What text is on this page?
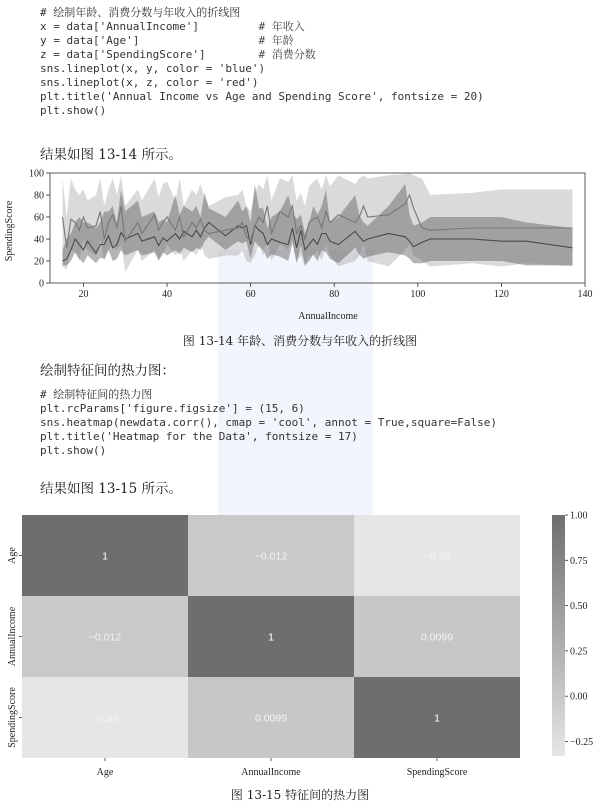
# 绘制年龄、消费分数与年收入的折线图
x = data['AnnualIncome']         # 年收入
y = data['Age']                  # 年龄
z = data['SpendingScore']        # 消费分数
sns.lineplot(x, y, color = 'blue')
sns.lineplot(x, z, color = 'red')
plt.title('Annual Income vs Age and Spending Score', fontsize = 20)
plt.show()
结果如图 13-14 所示。
20	40	60	80	100	120	140
0
20
40
60
80
100
AnnualIncome
SpendingScore
图 13-14 年龄、消费分数与年收入的折线图
绘制特征间的热力图：
# 绘制特征间的热力图
plt.rcParams['figure.figsize'] = (15, 6)
sns.heatmap(newdata.corr(), cmap = 'cool', annot = True,square=False)
plt.title('Heatmap for the Data', fontsize = 17)
plt.show()
结果如图 13-15 所示。
1	−0.012	−0.33
−0.012	1	0.0099
−0.33	0.0099	1
Age
AnnualIncome
SpendingScore
Age	AnnualIncome	SpendingScore
1.00
0.75
0.50
0.25
0.00
−0.25
图 13-15 特征间的热力图
